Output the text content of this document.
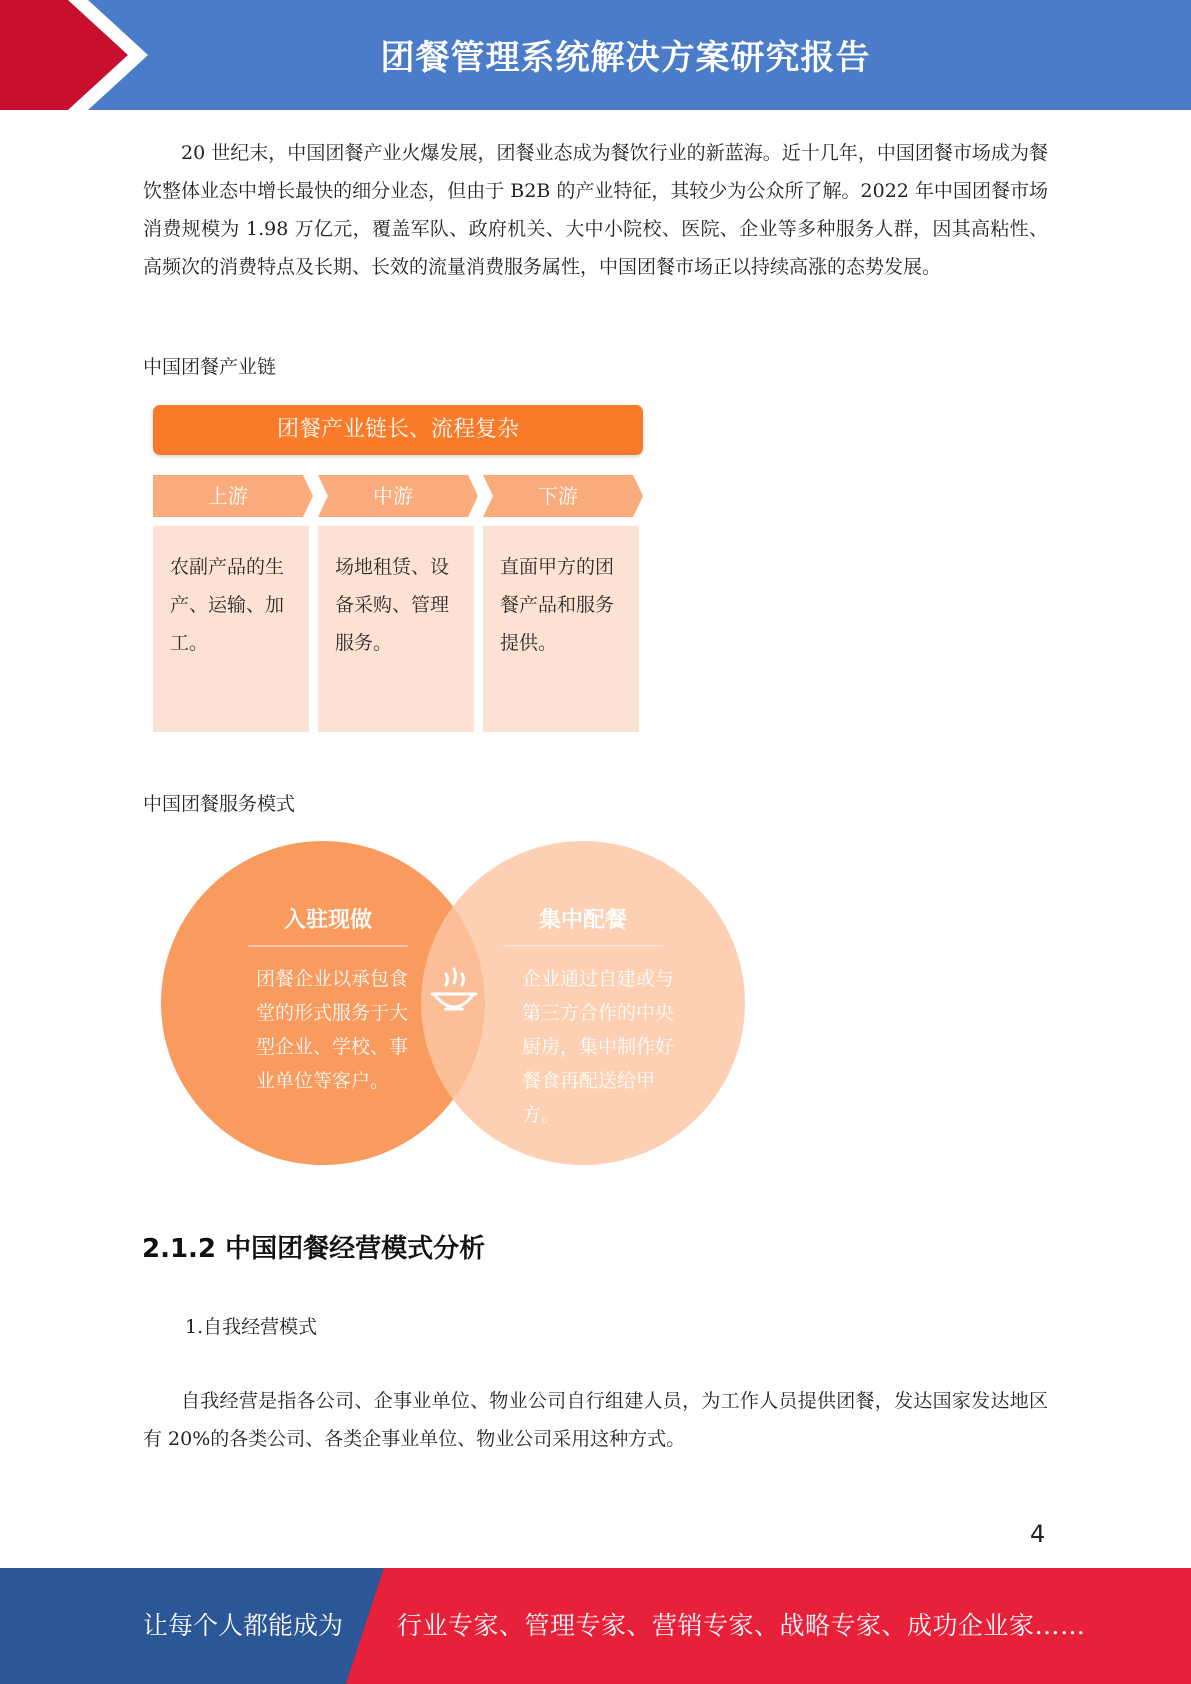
团餐管理系统解决方案研究报告

20 世纪末，中国团餐产业火爆发展，团餐业态成为餐饮行业的新蓝海。近十几年，中国团餐市场成为餐饮整体业态中增长最快的细分业态，但由于 B2B 的产业特征，其较少为公众所了解。2022 年中国团餐市场消费规模为 1.98 万亿元，覆盖军队、政府机关、大中小院校、医院、企业等多种服务人群，因其高粘性、高频次的消费特点及长期、长效的流量消费服务属性，中国团餐市场正以持续高涨的态势发展。

中国团餐产业链

团餐产业链长、流程复杂
上游	中游	下游

农副产品的生产、运输、加工。

场地租赁、设备采购、管理服务。

直面甲方的团餐产品和服务提供。

中国团餐服务模式

入驻现做	集中配餐

团餐企业以承包食堂的形式服务于大型企业、学校、事业单位等客户。

企业通过自建或与第三方合作的中央厨房，集中制作好餐食再配送给甲方。

2.1.2 中国团餐经营模式分析

1.自我经营模式

自我经营是指各公司、企事业单位、物业公司自行组建人员，为工作人员提供团餐，发达国家发达地区有 20%的各类公司、各类企事业单位、物业公司采用这种方式。

4

让每个人都能成为 行业专家、管理专家、营销专家、战略专家、成功企业家……
